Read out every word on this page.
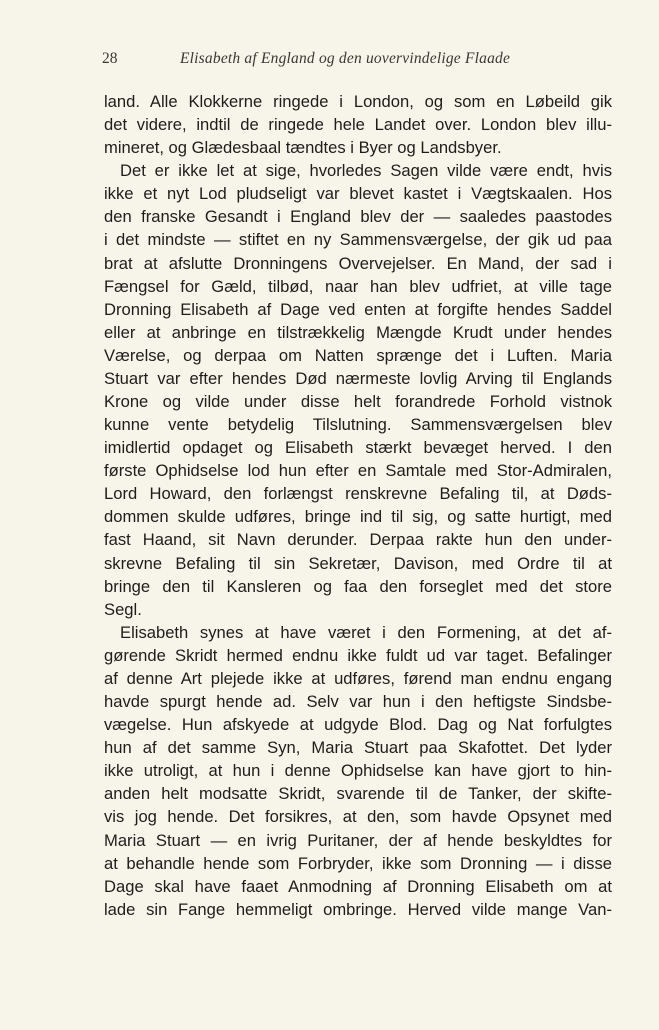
28	Elisabeth af England og den uovervindelige Flaade
land. Alle Klokkerne ringede i London, og som en Løbeild gik
det videre, indtil de ringede hele Landet over. London blev illu-
mineret, og Glædesbaal tændtes i Byer og Landsbyer.
Det er ikke let at sige, hvorledes Sagen vilde være endt, hvis
ikke et nyt Lod pludseligt var blevet kastet i Vægtskaalen. Hos
den franske Gesandt i England blev der — saaledes paastodes
i det mindste — stiftet en ny Sammensværgelse, der gik ud paa
brat at afslutte Dronningens Overvejelser. En Mand, der sad i
Fængsel for Gæld, tilbød, naar han blev udfriet, at ville tage
Dronning Elisabeth af Dage ved enten at forgifte hendes Saddel
eller at anbringe en tilstrækkelig Mængde Krudt under hendes
Værelse, og derpaa om Natten sprænge det i Luften. Maria
Stuart var efter hendes Død nærmeste lovlig Arving til Englands
Krone og vilde under disse helt forandrede Forhold vistnok
kunne vente betydelig Tilslutning. Sammensværgelsen blev
imidlertid opdaget og Elisabeth stærkt bevæget herved. I den
første Ophidselse lod hun efter en Samtale med Stor-Admiralen,
Lord Howard, den forlængst renskrevne Befaling til, at Døds-
dommen skulde udføres, bringe ind til sig, og satte hurtigt, med
fast Haand, sit Navn derunder. Derpaa rakte hun den under-
skrevne Befaling til sin Sekretær, Davison, med Ordre til at
bringe den til Kansleren og faa den forseglet med det store
Segl.
Elisabeth synes at have været i den Formening, at det af-
gørende Skridt hermed endnu ikke fuldt ud var taget. Befalinger
af denne Art plejede ikke at udføres, førend man endnu engang
havde spurgt hende ad. Selv var hun i den heftigste Sindsbe-
vægelse. Hun afskyede at udgyde Blod. Dag og Nat forfulgtes
hun af det samme Syn, Maria Stuart paa Skafottet. Det lyder
ikke utroligt, at hun i denne Ophidselse kan have gjort to hin-
anden helt modsatte Skridt, svarende til de Tanker, der skifte-
vis jog hende. Det forsikres, at den, som havde Opsynet med
Maria Stuart — en ivrig Puritaner, der af hende beskyldtes for
at behandle hende som Forbryder, ikke som Dronning — i disse
Dage skal have faaet Anmodning af Dronning Elisabeth om at
lade sin Fange hemmeligt ombringe. Herved vilde mange Van-
